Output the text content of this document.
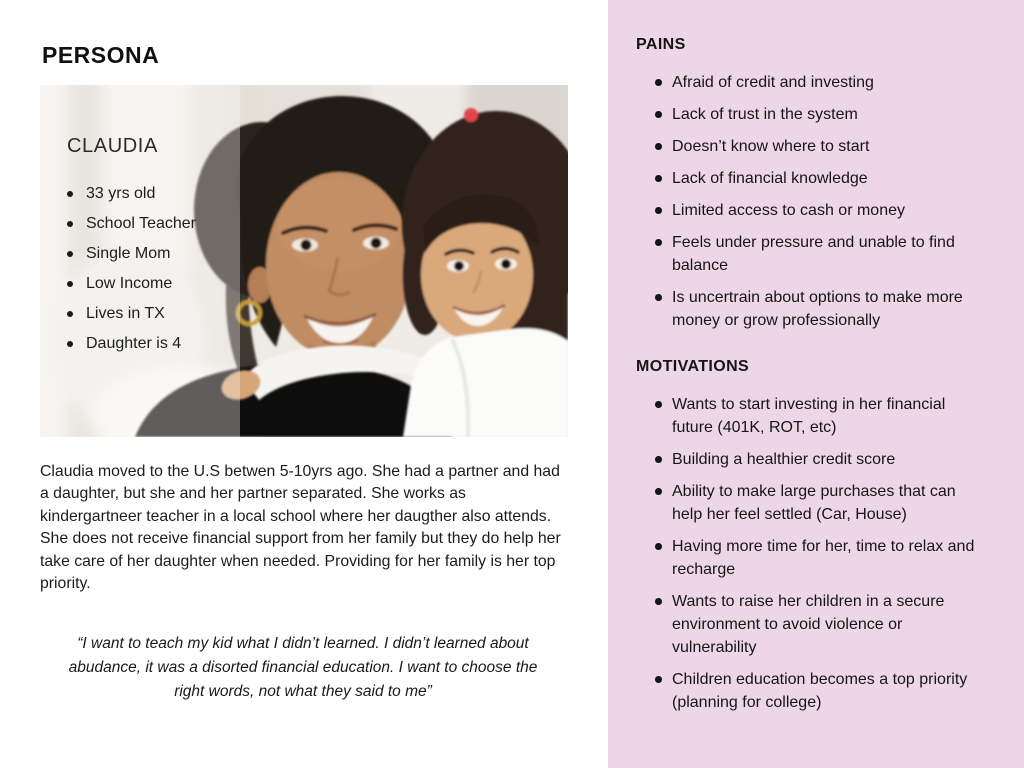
PERSONA
CLAUDIA
33 yrs old
School Teacher
Single Mom
Low Income
Lives in TX
Daughter is 4

Claudia moved to the U.S betwen 5-10yrs ago. She had a partner and had a daughter, but she and her partner separated. She works as kindergartneer teacher in a local school where her daugther also attends. She does not receive financial support from her family but they do help her take care of her daughter when needed. Providing for her family is her top priority.

“I want to teach my kid what I didn’t learned. I didn’t learned about abudance, it was a disorted financial education. I want to choose the right words, not what they said to me”

PAINS
Afraid of credit and investing
Lack of trust in the system
Doesn’t know where to start
Lack of financial knowledge
Limited access to cash or money
Feels under pressure and unable to find balance
Is uncertrain about options to make more money or grow professionally
MOTIVATIONS
Wants to start investing in her financial future (401K, ROT, etc)
Building a healthier credit score
Ability to make large purchases that can help her feel settled (Car, House)
Having more time for her, time to relax and recharge
Wants to raise her children in a secure environment to avoid violence or vulnerability
Children education becomes a top priority (planning for college)
